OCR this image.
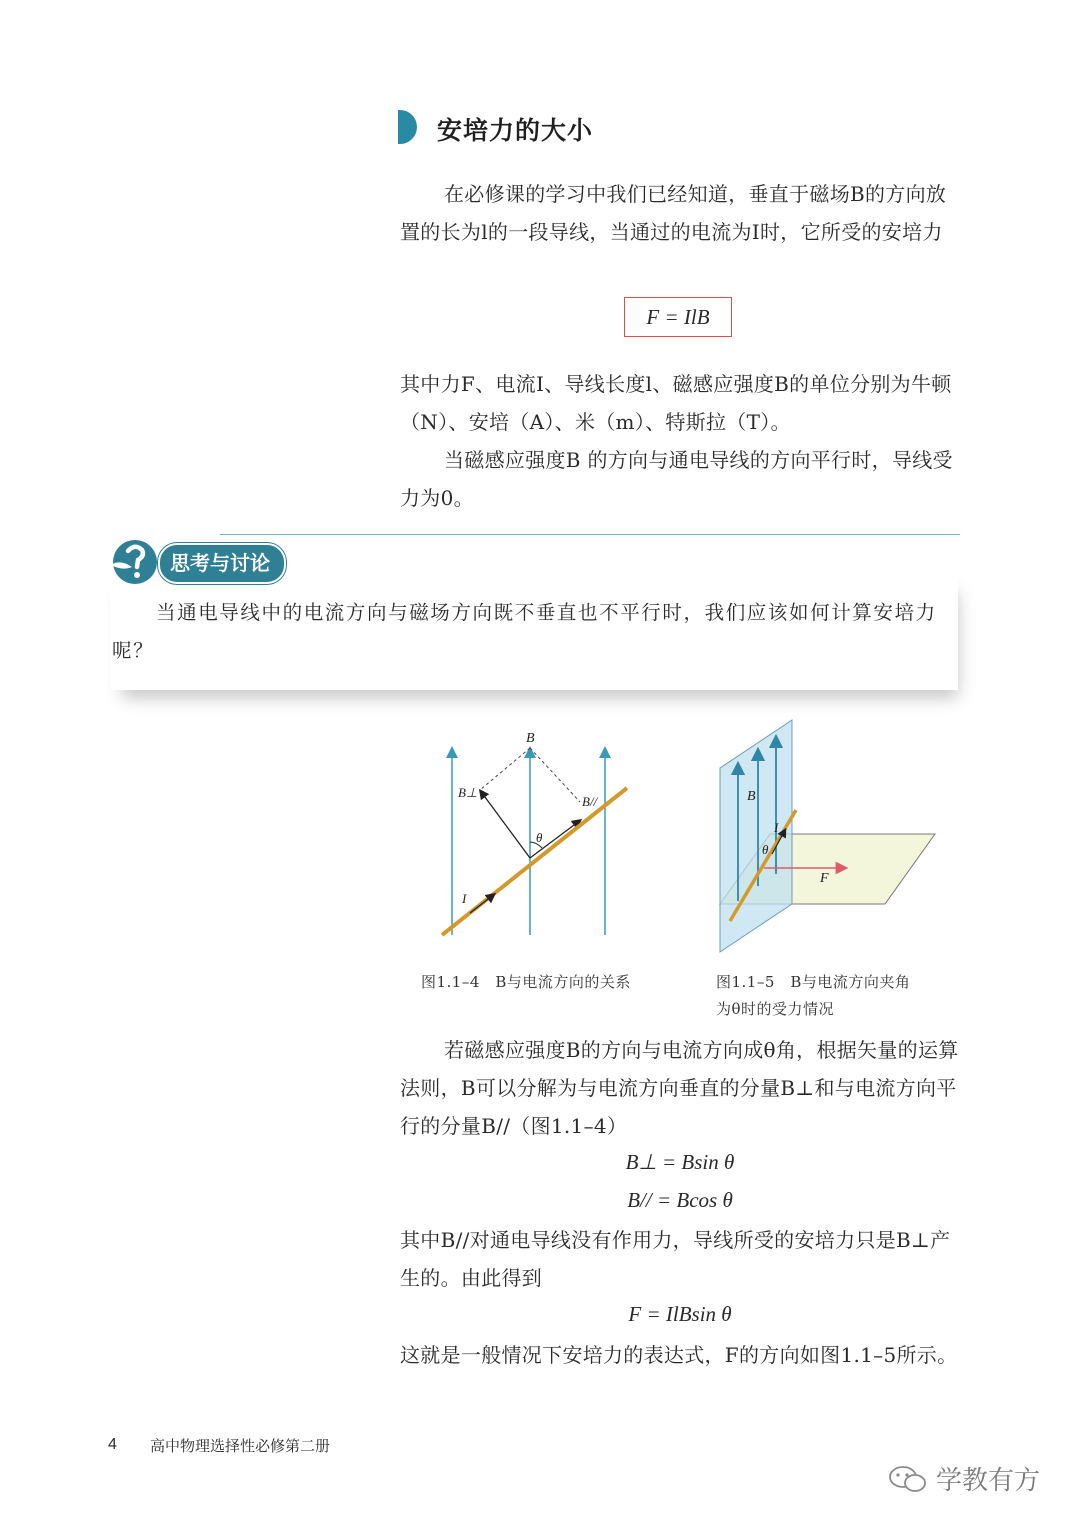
安培力的大小

在必修课的学习中我们已经知道，垂直于磁场B的方向放置的长为l的一段导线，当通过的电流为I时，它所受的安培力

F = IlB

其中力F、电流I、导线长度l、磁感应强度B的单位分别为牛顿（N）、安培（A）、米（m）、特斯拉（T）。

当磁感应强度B 的方向与通电导线的方向平行时，导线受力为0。

思考与讨论

当通电导线中的电流方向与磁场方向既不垂直也不平行时，我们应该如何计算安培力呢？

B
B⊥
B//
θ
I
图1.1–4　B与电流方向的关系
B
I
θ
F
图1.1–5　B与电流方向夹角
为θ时的受力情况

若磁感应强度B的方向与电流方向成θ角，根据矢量的运算法则，B可以分解为与电流方向垂直的分量B⊥和与电流方向平行的分量B//（图1.1–4）

B⊥ = Bsin θ
B// = Bcos θ

其中B//对通电导线没有作用力，导线所受的安培力只是B⊥产生的。由此得到

F = IlBsin θ

这就是一般情况下安培力的表达式，F的方向如图1.1–5所示。

4 高中物理选择性必修第二册
学教有方
